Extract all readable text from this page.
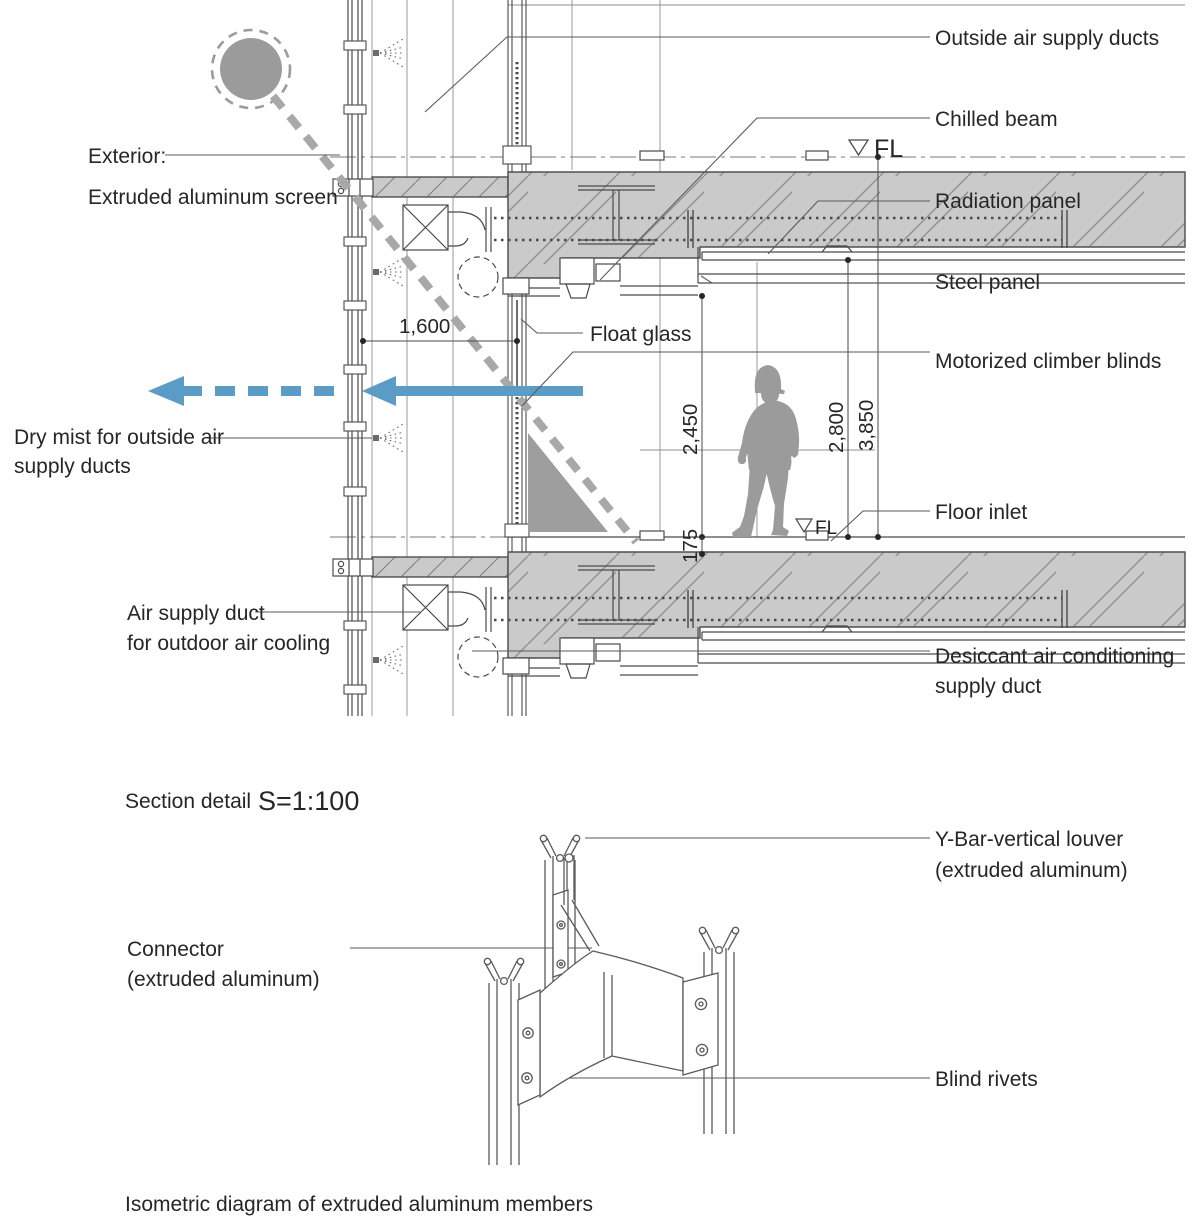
1,600
2,450
175
2,800 3,850
FL
FL
Exterior:
Extruded aluminum screen
Dry mist for outside air
supply ducts
Air supply duct
for outdoor air cooling
Outside air supply ducts
Chilled beam
Radiation panel
Steel panel
Motorized climber blinds
Floor inlet
Desiccant air conditioning
supply duct
Float glass
Section detail S=1:100
Y-Bar-vertical louver
(extruded aluminum)
Connector
(extruded aluminum)
Blind rivets
Isometric diagram of extruded aluminum members
